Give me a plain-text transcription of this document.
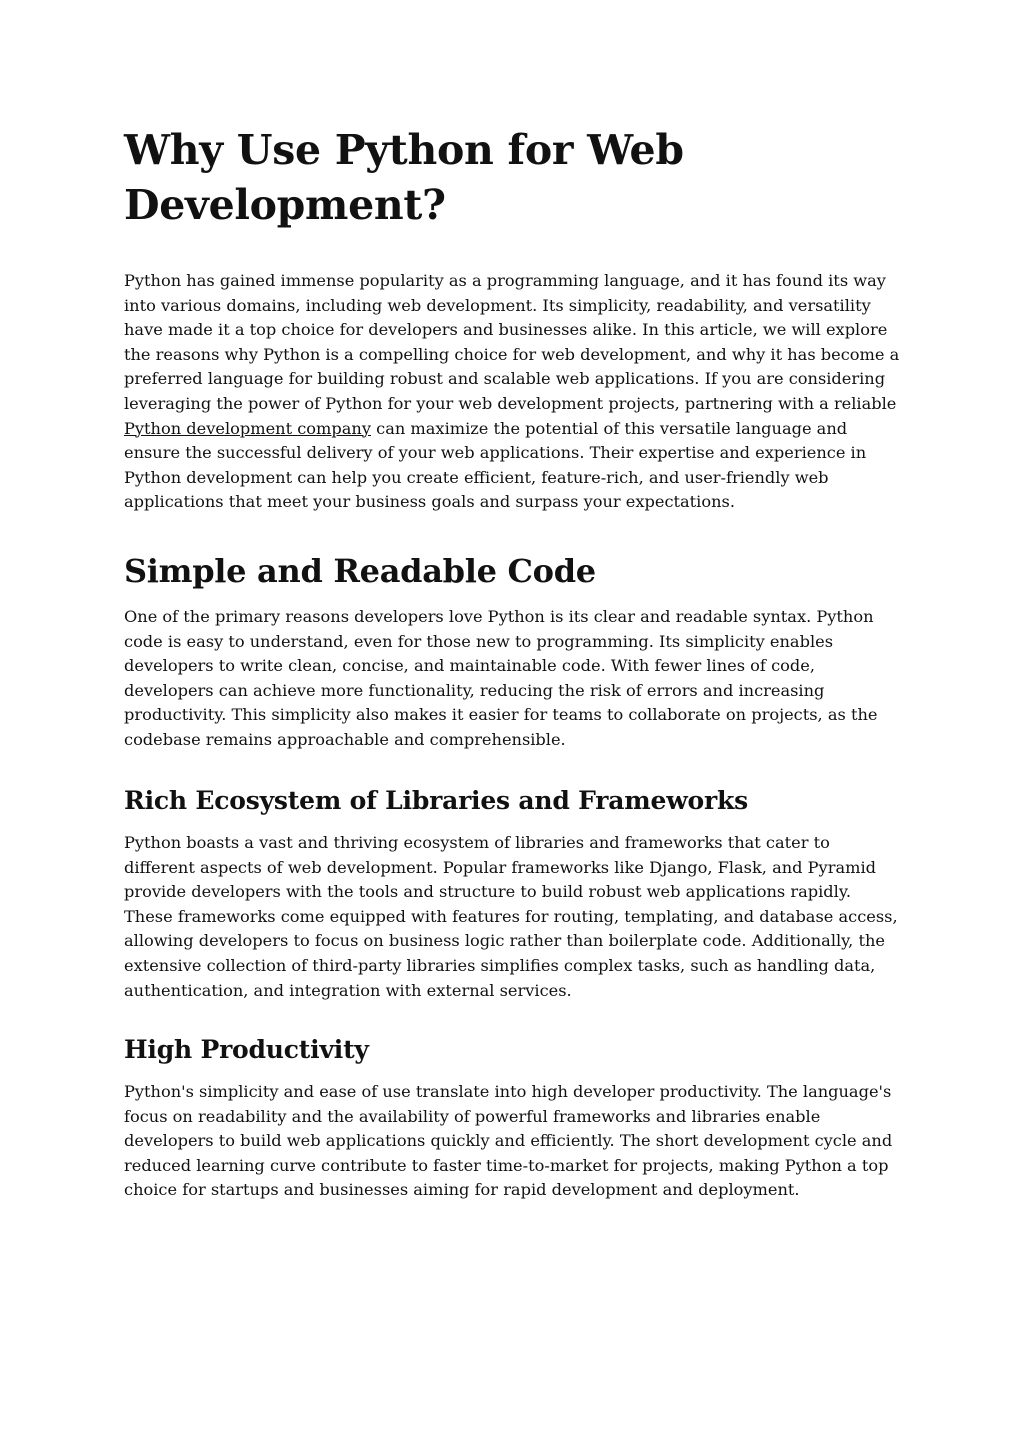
Why Use Python for Web Development?

Python has gained immense popularity as a programming language, and it has found its way into various domains, including web development. Its simplicity, readability, and versatility have made it a top choice for developers and businesses alike. In this article, we will explore the reasons why Python is a compelling choice for web development, and why it has become a preferred language for building robust and scalable web applications. If you are considering leveraging the power of Python for your web development projects, partnering with a reliable Python development company can maximize the potential of this versatile language and ensure the successful delivery of your web applications. Their expertise and experience in Python development can help you create efficient, feature-rich, and user-friendly web applications that meet your business goals and surpass your expectations.

Simple and Readable Code

One of the primary reasons developers love Python is its clear and readable syntax. Python code is easy to understand, even for those new to programming. Its simplicity enables developers to write clean, concise, and maintainable code. With fewer lines of code, developers can achieve more functionality, reducing the risk of errors and increasing productivity. This simplicity also makes it easier for teams to collaborate on projects, as the codebase remains approachable and comprehensible.

Rich Ecosystem of Libraries and Frameworks

Python boasts a vast and thriving ecosystem of libraries and frameworks that cater to different aspects of web development. Popular frameworks like Django, Flask, and Pyramid provide developers with the tools and structure to build robust web applications rapidly. These frameworks come equipped with features for routing, templating, and database access, allowing developers to focus on business logic rather than boilerplate code. Additionally, the extensive collection of third-party libraries simplifies complex tasks, such as handling data, authentication, and integration with external services.

High Productivity

Python's simplicity and ease of use translate into high developer productivity. The language's focus on readability and the availability of powerful frameworks and libraries enable developers to build web applications quickly and efficiently. The short development cycle and reduced learning curve contribute to faster time-to-market for projects, making Python a top choice for startups and businesses aiming for rapid development and deployment.
